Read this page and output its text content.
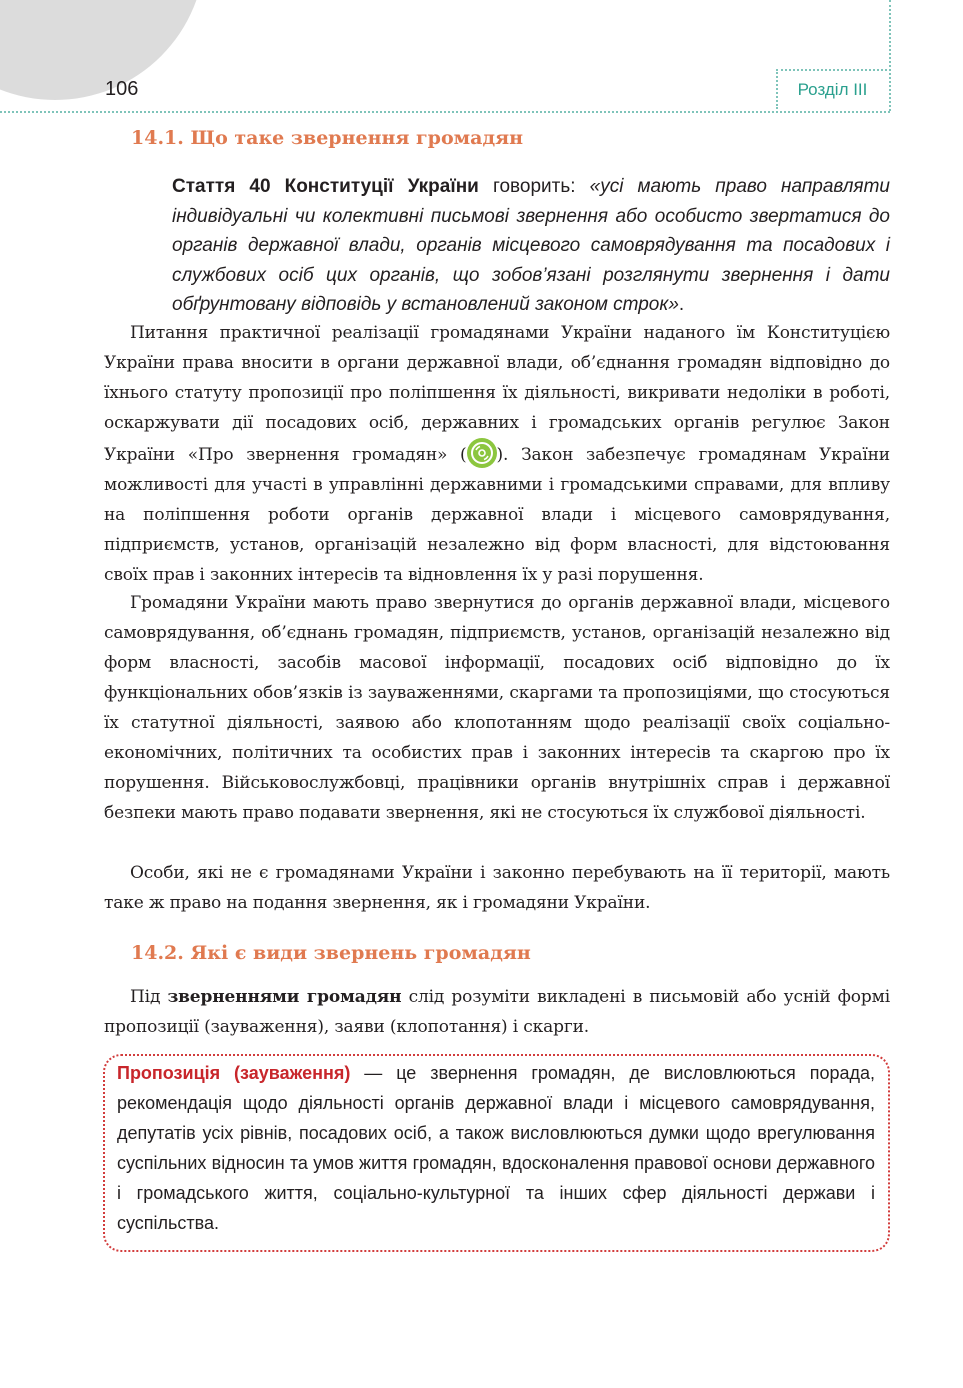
106	Розділ III
14.1. Що таке звернення громадян

Стаття 40 Конституції України говорить: «усі мають право направляти індивідуальні чи колективні письмові звернення або особисто звертатися до органів державної влади, органів місцевого самоврядування та посадових і службових осіб цих органів, що зобов’язані розглянути звернення і дати обґрунтовану відповідь у встановлений законом строк».

Питання практичної реалізації громадянами України наданого їм Конституцією України права вносити в органи державної влади, об’єднання громадян відповідно до їхнього статуту пропозиції про поліпшення їх діяльності, викривати недоліки в роботі, оскаржувати дії посадових осіб, державних і громадських органів регулює Закон України «Про звернення громадян» ( ). Закон забезпечує громадянам України можливості для участі в управлінні державними і громадськими справами, для впливу на поліпшення роботи органів державної влади і місцевого самоврядування, підприємств, установ, організацій незалежно від форм власності, для відстоювання своїх прав і законних інтересів та відновлення їх у разі порушення.

Громадяни України мають право звернутися до органів державної влади, місцевого самоврядування, об’єднань громадян, підприємств, установ, організацій незалежно від форм власності, засобів масової інформації, посадових осіб відповідно до їх функціональних обов’язків із зауваженнями, скаргами та пропозиціями, що стосуються їх статутної діяльності, заявою або клопотанням щодо реалізації своїх соціально-економічних, політичних та особистих прав і законних інтересів та скаргою про їх порушення. Військовослужбовці, працівники органів внутрішніх справ і державної безпеки мають право подавати звернення, які не стосуються їх службової діяльності.

Особи, які не є громадянами України і законно перебувають на її території, мають таке ж право на подання звернення, як і громадяни України.

14.2. Які є види звернень громадян

Під зверненнями громадян слід розуміти викладені в письмовій або усній формі пропозиції (зауваження), заяви (клопотання) і скарги.

Пропозиція (зауваження) — це звернення громадян, де висловлюються порада, рекомендація щодо діяльності органів державної влади і місцевого самоврядування, депутатів усіх рівнів, посадових осіб, а також висловлюються думки щодо врегулювання суспільних відносин та умов життя громадян, вдосконалення правової основи державного і громадського життя, соціально-культурної та інших сфер діяльності держави і суспільства.
